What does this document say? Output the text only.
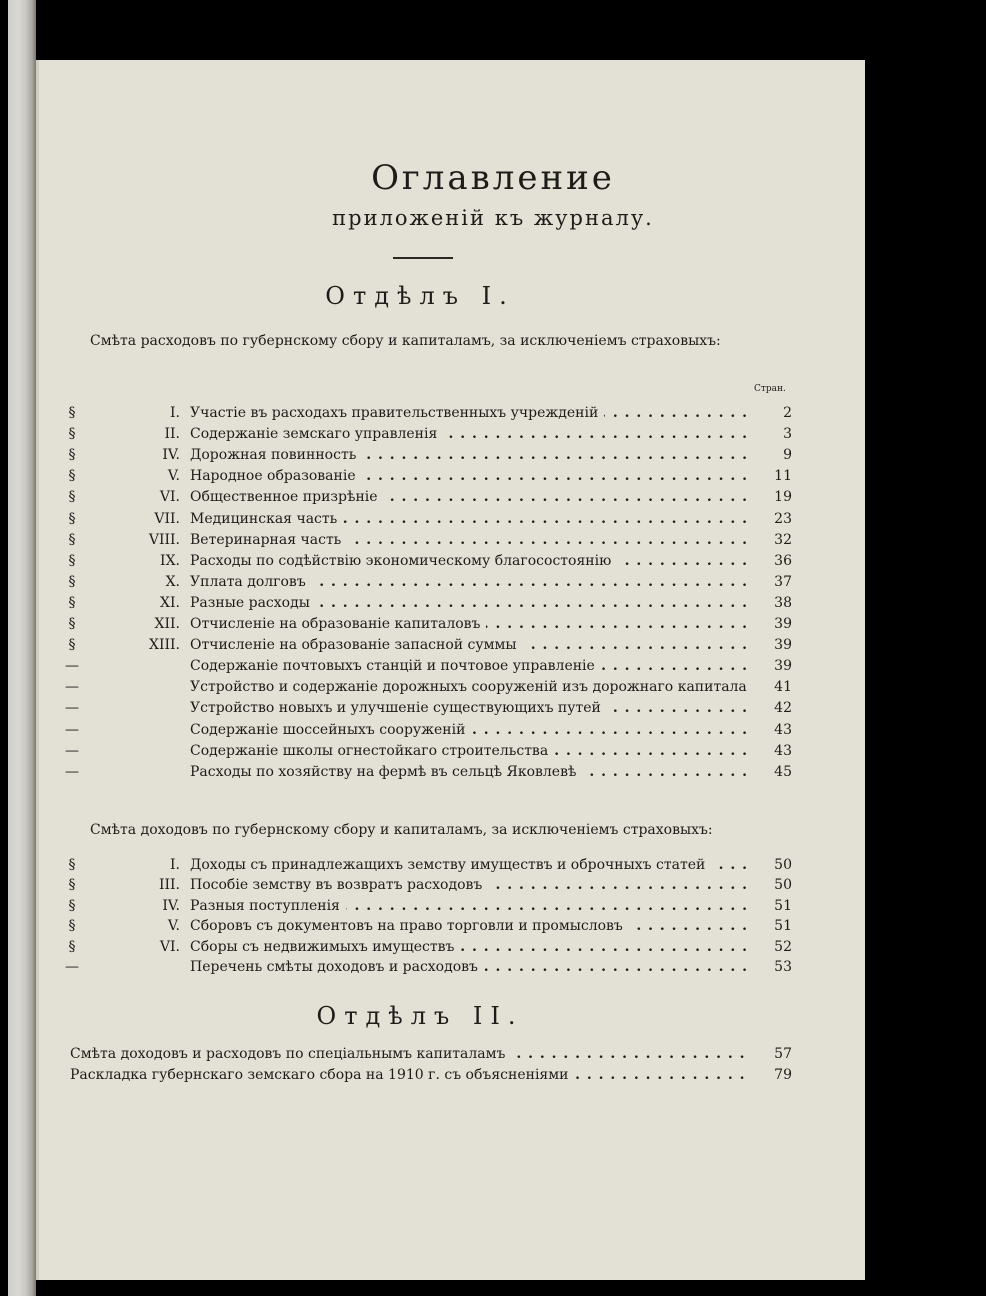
Оглавление
приложеній къ журналу.
Отдѣлъ I.
Смѣта расходовъ по губернскому сбору и капиталамъ, за исключеніемъ страховыхъ:
Стран.
§	I. Участіе въ расходахъ правительственныхъ учрежденій . .	2
§	II. Содержаніе земскаго управленія . .	3
§	IV. Дорожная повинность . .	9
§	V. Народное образованіе . .	11
§	VI. Общественное призрѣніе . .	19
§	VII. Медицинская часть . .	23
§	VIII. Ветеринарная часть . .	32
§	IX. Расходы по содѣйствію экономическому благосостоянію . .	36
§	X. Уплата долговъ . .	37
§	XI. Разные расходы . .	38
§	XII. Отчисленіе на образованіе капиталовъ . .	39
§	XIII. Отчисленіе на образованіе запасной суммы . .	39
—	Содержаніе почтовыхъ станцій и почтовое управленіе . .	39
—	Устройство и содержаніе дорожныхъ сооруженій изъ дорожнаго капитала . .	41
—	Устройство новыхъ и улучшеніе существующихъ путей . .	42
—	Содержаніе шоссейныхъ сооруженій . .	43
—	Содержаніе школы огнестойкаго строительства . .	43
—	Расходы по хозяйству на фермѣ въ сельцѣ Яковлевѣ . .	45
Смѣта доходовъ по губернскому сбору и капиталамъ, за исключеніемъ страховыхъ:
§	I. Доходы съ принадлежащихъ земству имуществъ и оброчныхъ статей . .	50
§	III. Пособіе земству въ возвратъ расходовъ . .	50
§	IV. Разныя поступленія . .	51
§	V. Сборовъ съ документовъ на право торговли и промысловъ . .	51
§	VI. Сборы съ недвижимыхъ имуществъ . .	52
—	Перечень смѣты доходовъ и расходовъ . .	53
Отдѣлъ II.
Смѣта доходовъ и расходовъ по спеціальнымъ капиталамъ . .	57
Раскладка губернскаго земскаго сбора на 1910 г. съ объясненіями . .	79
